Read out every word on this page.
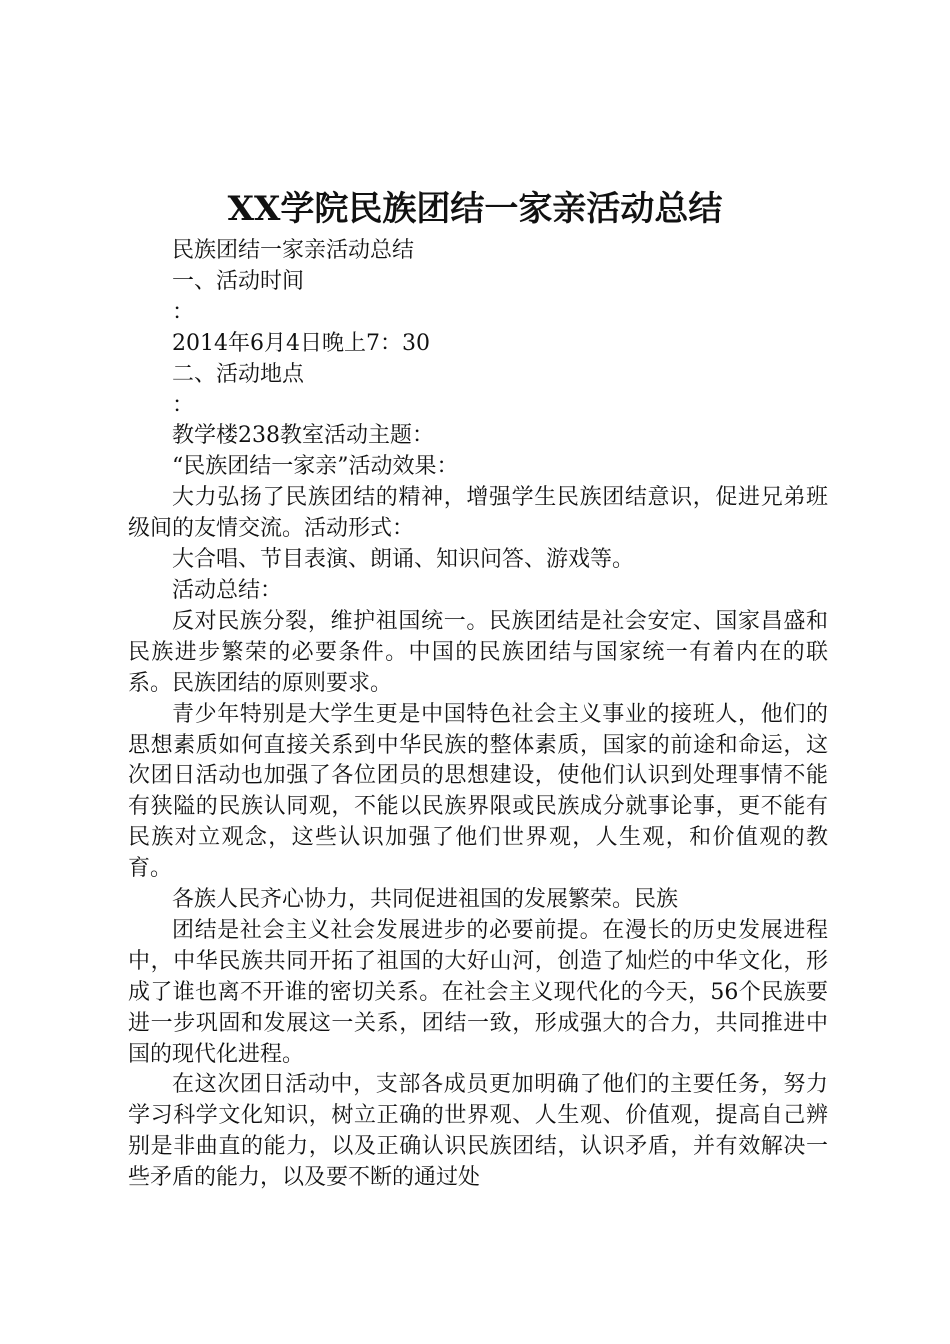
XX学院民族团结一家亲活动总结

民族团结一家亲活动总结

一、活动时间

：

2014年6月4日晚上7：30

二、活动地点

：

教学楼238教室活动主题：

“民族团结一家亲”活动效果：

大力弘扬了民族团结的精神，增强学生民族团结意识，促进兄弟班级间的友情交流。活动形式：

大合唱、节目表演、朗诵、知识问答、游戏等。

活动总结：

反对民族分裂，维护祖国统一。民族团结是社会安定、国家昌盛和民族进步繁荣的必要条件。中国的民族团结与国家统一有着内在的联系。民族团结的原则要求。

青少年特别是大学生更是中国特色社会主义事业的接班人，他们的思想素质如何直接关系到中华民族的整体素质，国家的前途和命运，这次团日活动也加强了各位团员的思想建设，使他们认识到处理事情不能有狭隘的民族认同观，不能以民族界限或民族成分就事论事，更不能有民族对立观念，这些认识加强了他们世界观，人生观，和价值观的教育。

各族人民齐心协力，共同促进祖国的发展繁荣。民族

团结是社会主义社会发展进步的必要前提。在漫长的历史发展进程中，中华民族共同开拓了祖国的大好山河，创造了灿烂的中华文化，形成了谁也离不开谁的密切关系。在社会主义现代化的今天，56个民族要进一步巩固和发展这一关系，团结一致，形成强大的合力，共同推进中国的现代化进程。

在这次团日活动中，支部各成员更加明确了他们的主要任务，努力学习科学文化知识，树立正确的世界观、人生观、价值观，提高自己辨别是非曲直的能力，以及正确认识民族团结，认识矛盾，并有效解决一些矛盾的能力，以及要不断的通过处
